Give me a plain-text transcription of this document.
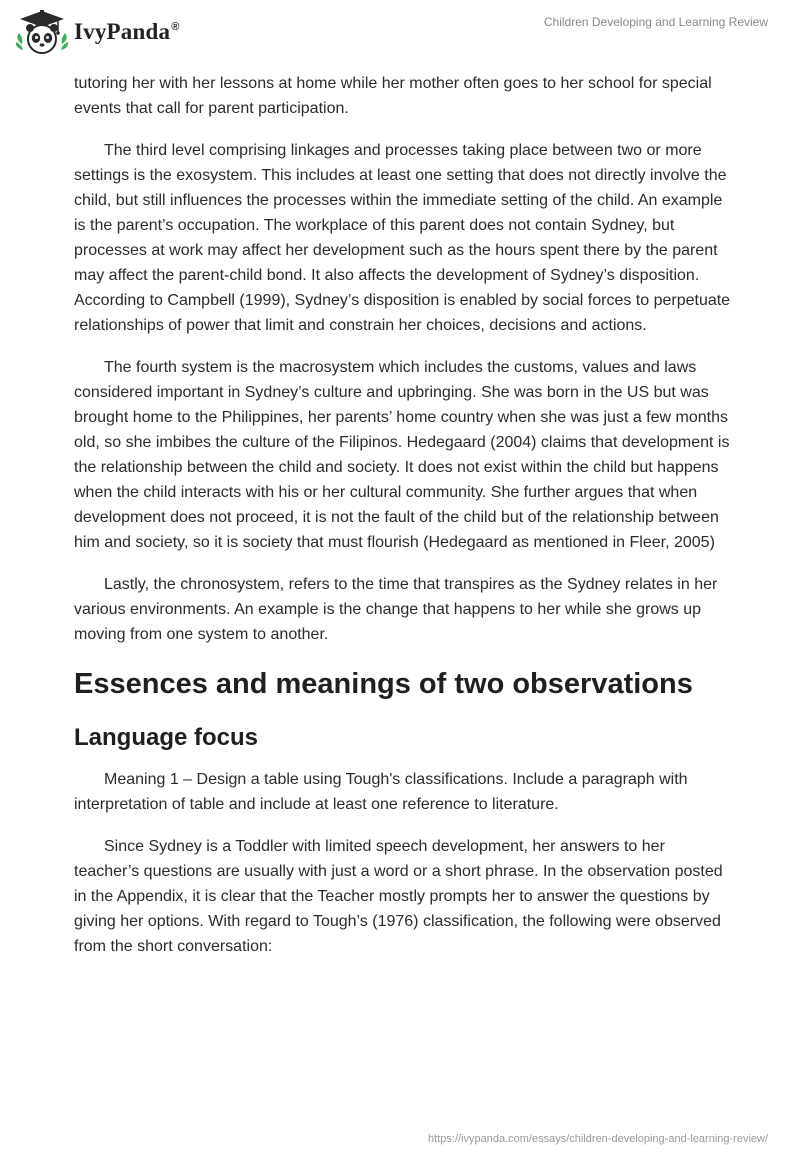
IvyPanda®	Children Developing and Learning Review

tutoring her with her lessons at home while her mother often goes to her school for special events that call for parent participation.

The third level comprising linkages and processes taking place between two or more settings is the exosystem. This includes at least one setting that does not directly involve the child, but still influences the processes within the immediate setting of the child. An example is the parent’s occupation. The workplace of this parent does not contain Sydney, but processes at work may affect her development such as the hours spent there by the parent may affect the parent-child bond. It also affects the development of Sydney’s disposition. According to Campbell (1999), Sydney’s disposition is enabled by social forces to perpetuate relationships of power that limit and constrain her choices, decisions and actions.

The fourth system is the macrosystem which includes the customs, values and laws considered important in Sydney’s culture and upbringing. She was born in the US but was brought home to the Philippines, her parents’ home country when she was just a few months old, so she imbibes the culture of the Filipinos. Hedegaard (2004) claims that development is the relationship between the child and society. It does not exist within the child but happens when the child interacts with his or her cultural community. She further argues that when development does not proceed, it is not the fault of the child but of the relationship between him and society, so it is society that must flourish (Hedegaard as mentioned in Fleer, 2005)

Lastly, the chronosystem, refers to the time that transpires as the Sydney relates in her various environments. An example is the change that happens to her while she grows up moving from one system to another.

Essences and meanings of two observations
Language focus

Meaning 1 – Design a table using Tough's classifications. Include a paragraph with interpretation of table and include at least one reference to literature.

Since Sydney is a Toddler with limited speech development, her answers to her teacher’s questions are usually with just a word or a short phrase. In the observation posted in the Appendix, it is clear that the Teacher mostly prompts her to answer the questions by giving her options. With regard to Tough’s (1976) classification, the following were observed from the short conversation:

https://ivypanda.com/essays/children-developing-and-learning-review/
